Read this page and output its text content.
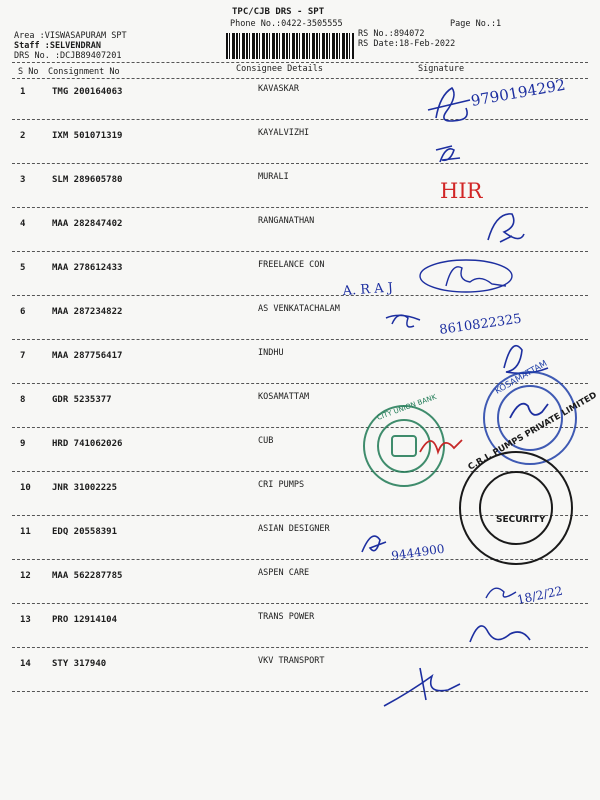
TPC/CJB DRS - SPT
Phone No.:0422-3505555	Page No.:1
Area :VISWASAPURAM SPT
Staff :SELVENDRAN
DRS No. :DCJB89407201
RS No.:894072
RS Date:18-Feb-2022
S No Consignment No	Consignee Details	Signature
1	TMG 200164063	KAVASKAR
2	IXM 501071319	KAYALVIZHI
3	SLM 289605780	MURALI
4	MAA 282847402	RANGANATHAN
5	MAA 278612433	FREELANCE CON
6	MAA 287234822	AS VENKATACHALAM
7	MAA 287756417	INDHU
8	GDR 5235377	KOSAMATTAM
9	HRD 741062026	CUB
10 JNR 31002225	CRI PUMPS
11 EDQ 20558391	ASIAN DESIGNER
12 MAA 562287785	ASPEN CARE
13 PRO 12914104	TRANS POWER
14 STY 317940	VKV TRANSPORT
9790194292
HIR
A. R A J
8610822325
KOSAMATTAM
CITY UNION BANK	C.R.I. PUMPS PRIVATE LIMITED
SECURITY
9444900
18/2/22
